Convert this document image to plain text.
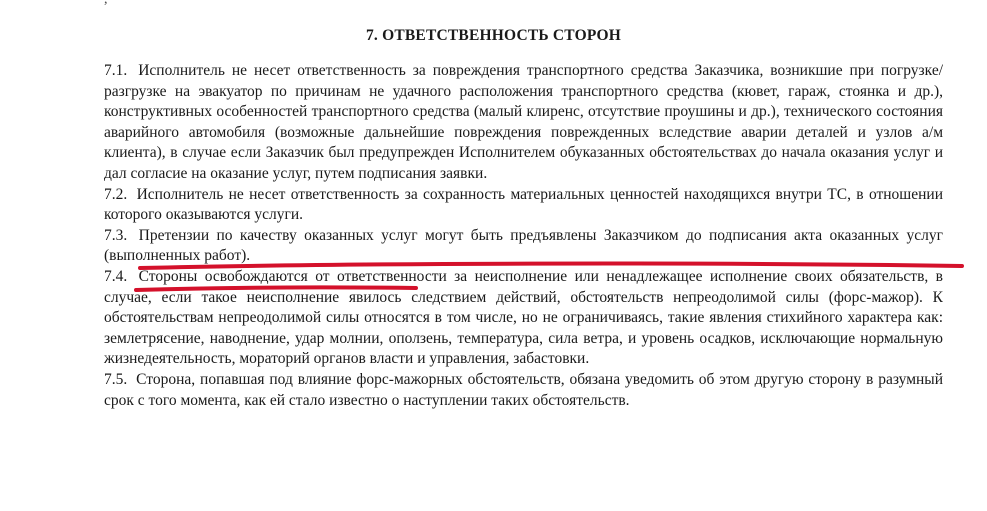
7. ОТВЕТСТВЕННОСТЬ СТОРОН

7.1. Исполнитель не несет ответственность за повреждения транспортного средства Заказчика, возникшие при погрузке/разгрузке на эвакуатор по причинам не удачного расположения транспортного средства (кювет, гараж, стоянка и др.), конструктивных особенностей транспортного средства (малый клиренс, отсутствие проушины и др.), технического состояния аварийного автомобиля (возможные дальнейшие повреждения поврежденных вследствие аварии деталей и узлов а/м клиента), в случае если Заказчик был предупрежден Исполнителем обуказанных обстоятельствах до начала оказания услуг и дал согласие на оказание услуг, путем подписания заявки.

7.2. Исполнитель не несет ответственность за сохранность материальных ценностей находящихся внутри ТС, в отношении которого оказываются услуги.

7.3. Претензии по качеству оказанных услуг могут быть предъявлены Заказчиком до подписания акта оказанных услуг (выполненных работ).

7.4. Стороны освобождаются от ответственности за неисполнение или ненадлежащее исполнение своих обязательств, в случае, если такое неисполнение явилось следствием действий, обстоятельств непреодолимой силы (форс-мажор). К обстоятельствам непреодолимой силы относятся в том числе, но не ограничиваясь, такие явления стихийного характера как: землетрясение, наводнение, удар молнии, оползень, температура, сила ветра, и уровень осадков, исключающие нормальную жизнедеятельность, мораторий органов власти и управления, забастовки.

7.5. Сторона, попавшая под влияние форс-мажорных обстоятельств, обязана уведомить об этом другую сторону в разумный срок с того момента, как ей стало известно о наступлении таких обстоятельств.
